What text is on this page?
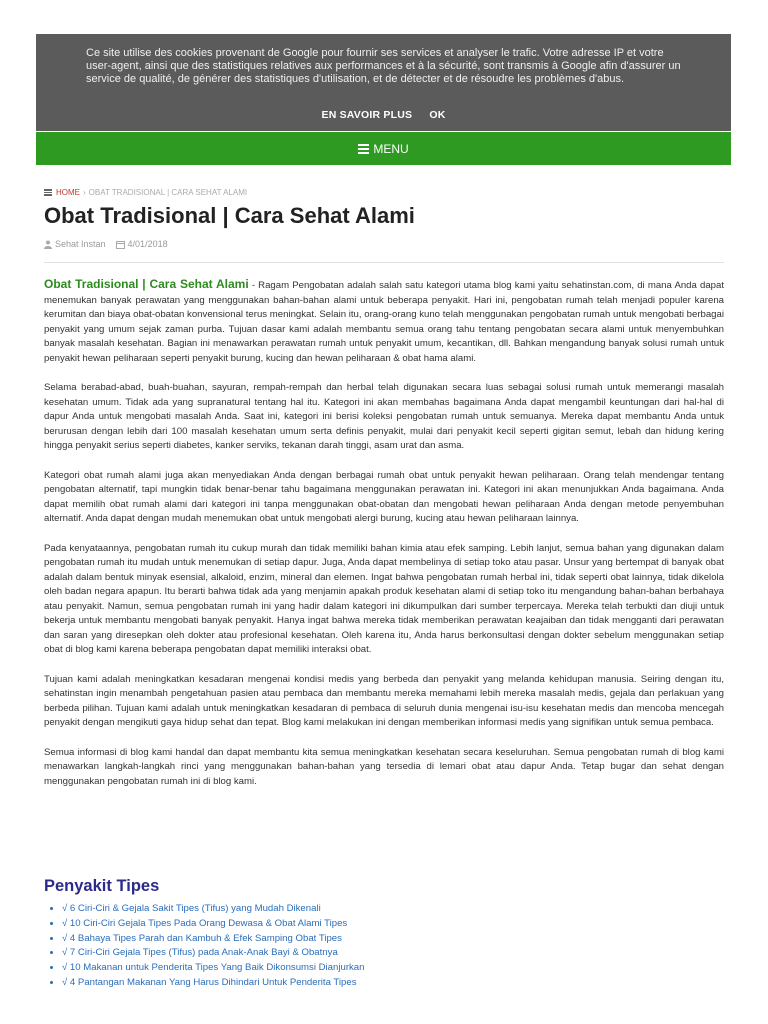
Ce site utilise des cookies provenant de Google pour fournir ses services et analyser le trafic. Votre adresse IP et votre user-agent, ainsi que des statistiques relatives aux performances et à la sécurité, sont transmis à Google afin d'assurer un service de qualité, de générer des statistiques d'utilisation, et de détecter et de résoudre les problèmes d'abus.
EN SAVOIR PLUS OK
MENU
HOME › OBAT TRADISIONAL | CARA SEHAT ALAMI
Obat Tradisional | Cara Sehat Alami
Sehat Instan 4/01/2018

Obat Tradisional | Cara Sehat Alami - Ragam Pengobatan adalah salah satu kategori utama blog kami yaitu sehatinstan.com, di mana Anda dapat menemukan banyak perawatan yang menggunakan bahan-bahan alami untuk beberapa penyakit. Hari ini, pengobatan rumah telah menjadi populer karena kerumitan dan biaya obat-obatan konvensional terus meningkat. Selain itu, orang-orang kuno telah menggunakan pengobatan rumah untuk mengobati berbagai penyakit yang umum sejak zaman purba. Tujuan dasar kami adalah membantu semua orang tahu tentang pengobatan secara alami untuk menyembuhkan banyak masalah kesehatan. Bagian ini menawarkan perawatan rumah untuk penyakit umum, kecantikan, dll. Bahkan mengandung banyak solusi rumah untuk penyakit hewan peliharaan seperti penyakit burung, kucing dan hewan peliharaan & obat hama alami.

Selama berabad-abad, buah-buahan, sayuran, rempah-rempah dan herbal telah digunakan secara luas sebagai solusi rumah untuk memerangi masalah kesehatan umum. Tidak ada yang supranatural tentang hal itu. Kategori ini akan membahas bagaimana Anda dapat mengambil keuntungan dari hal-hal di dapur Anda untuk mengobati masalah Anda. Saat ini, kategori ini berisi koleksi pengobatan rumah untuk semuanya. Mereka dapat membantu Anda untuk berurusan dengan lebih dari 100 masalah kesehatan umum serta definis penyakit, mulai dari penyakit kecil seperti gigitan semut, lebah dan hidung kering hingga penyakit serius seperti diabetes, kanker serviks, tekanan darah tinggi, asam urat dan asma.

Kategori obat rumah alami juga akan menyediakan Anda dengan berbagai rumah obat untuk penyakit hewan peliharaan. Orang telah mendengar tentang pengobatan alternatif, tapi mungkin tidak benar-benar tahu bagaimana menggunakan perawatan ini. Kategori ini akan menunjukkan Anda bagaimana. Anda dapat memilih obat rumah alami dari kategori ini tanpa menggunakan obat-obatan dan mengobati hewan peliharaan Anda dengan metode penyembuhan alternatif. Anda dapat dengan mudah menemukan obat untuk mengobati alergi burung, kucing atau hewan peliharaan lainnya.

Pada kenyataannya, pengobatan rumah itu cukup murah dan tidak memiliki bahan kimia atau efek samping. Lebih lanjut, semua bahan yang digunakan dalam pengobatan rumah itu mudah untuk menemukan di setiap dapur. Juga, Anda dapat membelinya di setiap toko atau pasar. Unsur yang bertempat di banyak obat adalah dalam bentuk minyak esensial, alkaloid, enzim, mineral dan elemen. Ingat bahwa pengobatan rumah herbal ini, tidak seperti obat lainnya, tidak dikelola oleh badan negara apapun. Itu berarti bahwa tidak ada yang menjamin apakah produk kesehatan alami di setiap toko itu mengandung bahan-bahan berbahaya atau penyakit. Namun, semua pengobatan rumah ini yang hadir dalam kategori ini dikumpulkan dari sumber terpercaya. Mereka telah terbukti dan diuji untuk bekerja untuk membantu mengobati banyak penyakit. Hanya ingat bahwa mereka tidak memberikan perawatan keajaiban dan tidak mengganti dari perawatan dan saran yang diresepkan oleh dokter atau profesional kesehatan. Oleh karena itu, Anda harus berkonsultasi dengan dokter sebelum menggunakan setiap obat di blog kami karena beberapa pengobatan dapat memiliki interaksi obat.

Tujuan kami adalah meningkatkan kesadaran mengenai kondisi medis yang berbeda dan penyakit yang melanda kehidupan manusia. Seiring dengan itu, sehatinstan ingin menambah pengetahuan pasien atau pembaca dan membantu mereka memahami lebih mereka masalah medis, gejala dan perlakuan yang berbeda pilihan. Tujuan kami adalah untuk meningkatkan kesadaran di pembaca di seluruh dunia mengenai isu-isu kesehatan medis dan mencoba mencegah penyakit dengan mengikuti gaya hidup sehat dan tepat. Blog kami melakukan ini dengan memberikan informasi medis yang signifikan untuk semua pembaca.

Semua informasi di blog kami handal dan dapat membantu kita semua meningkatkan kesehatan secara keseluruhan. Semua pengobatan rumah di blog kami menawarkan langkah-langkah rinci yang menggunakan bahan-bahan yang tersedia di lemari obat atau dapur Anda. Tetap bugar dan sehat dengan menggunakan pengobatan rumah ini di blog kami.

Penyakit Tipes
• √ 6 Ciri-Ciri & Gejala Sakit Tipes (Tifus) yang Mudah Dikenali
• √ 10 Ciri-Ciri Gejala Tipes Pada Orang Dewasa & Obat Alami Tipes
• √ 4 Bahaya Tipes Parah dan Kambuh & Efek Samping Obat Tipes
• √ 7 Ciri-Ciri Gejala Tipes (Tifus) pada Anak-Anak Bayi & Obatnya
• √ 10 Makanan untuk Penderita Tipes Yang Baik Dikonsumsi Dianjurkan
• √ 4 Pantangan Makanan Yang Harus Dihindari Untuk Penderita Tipes
